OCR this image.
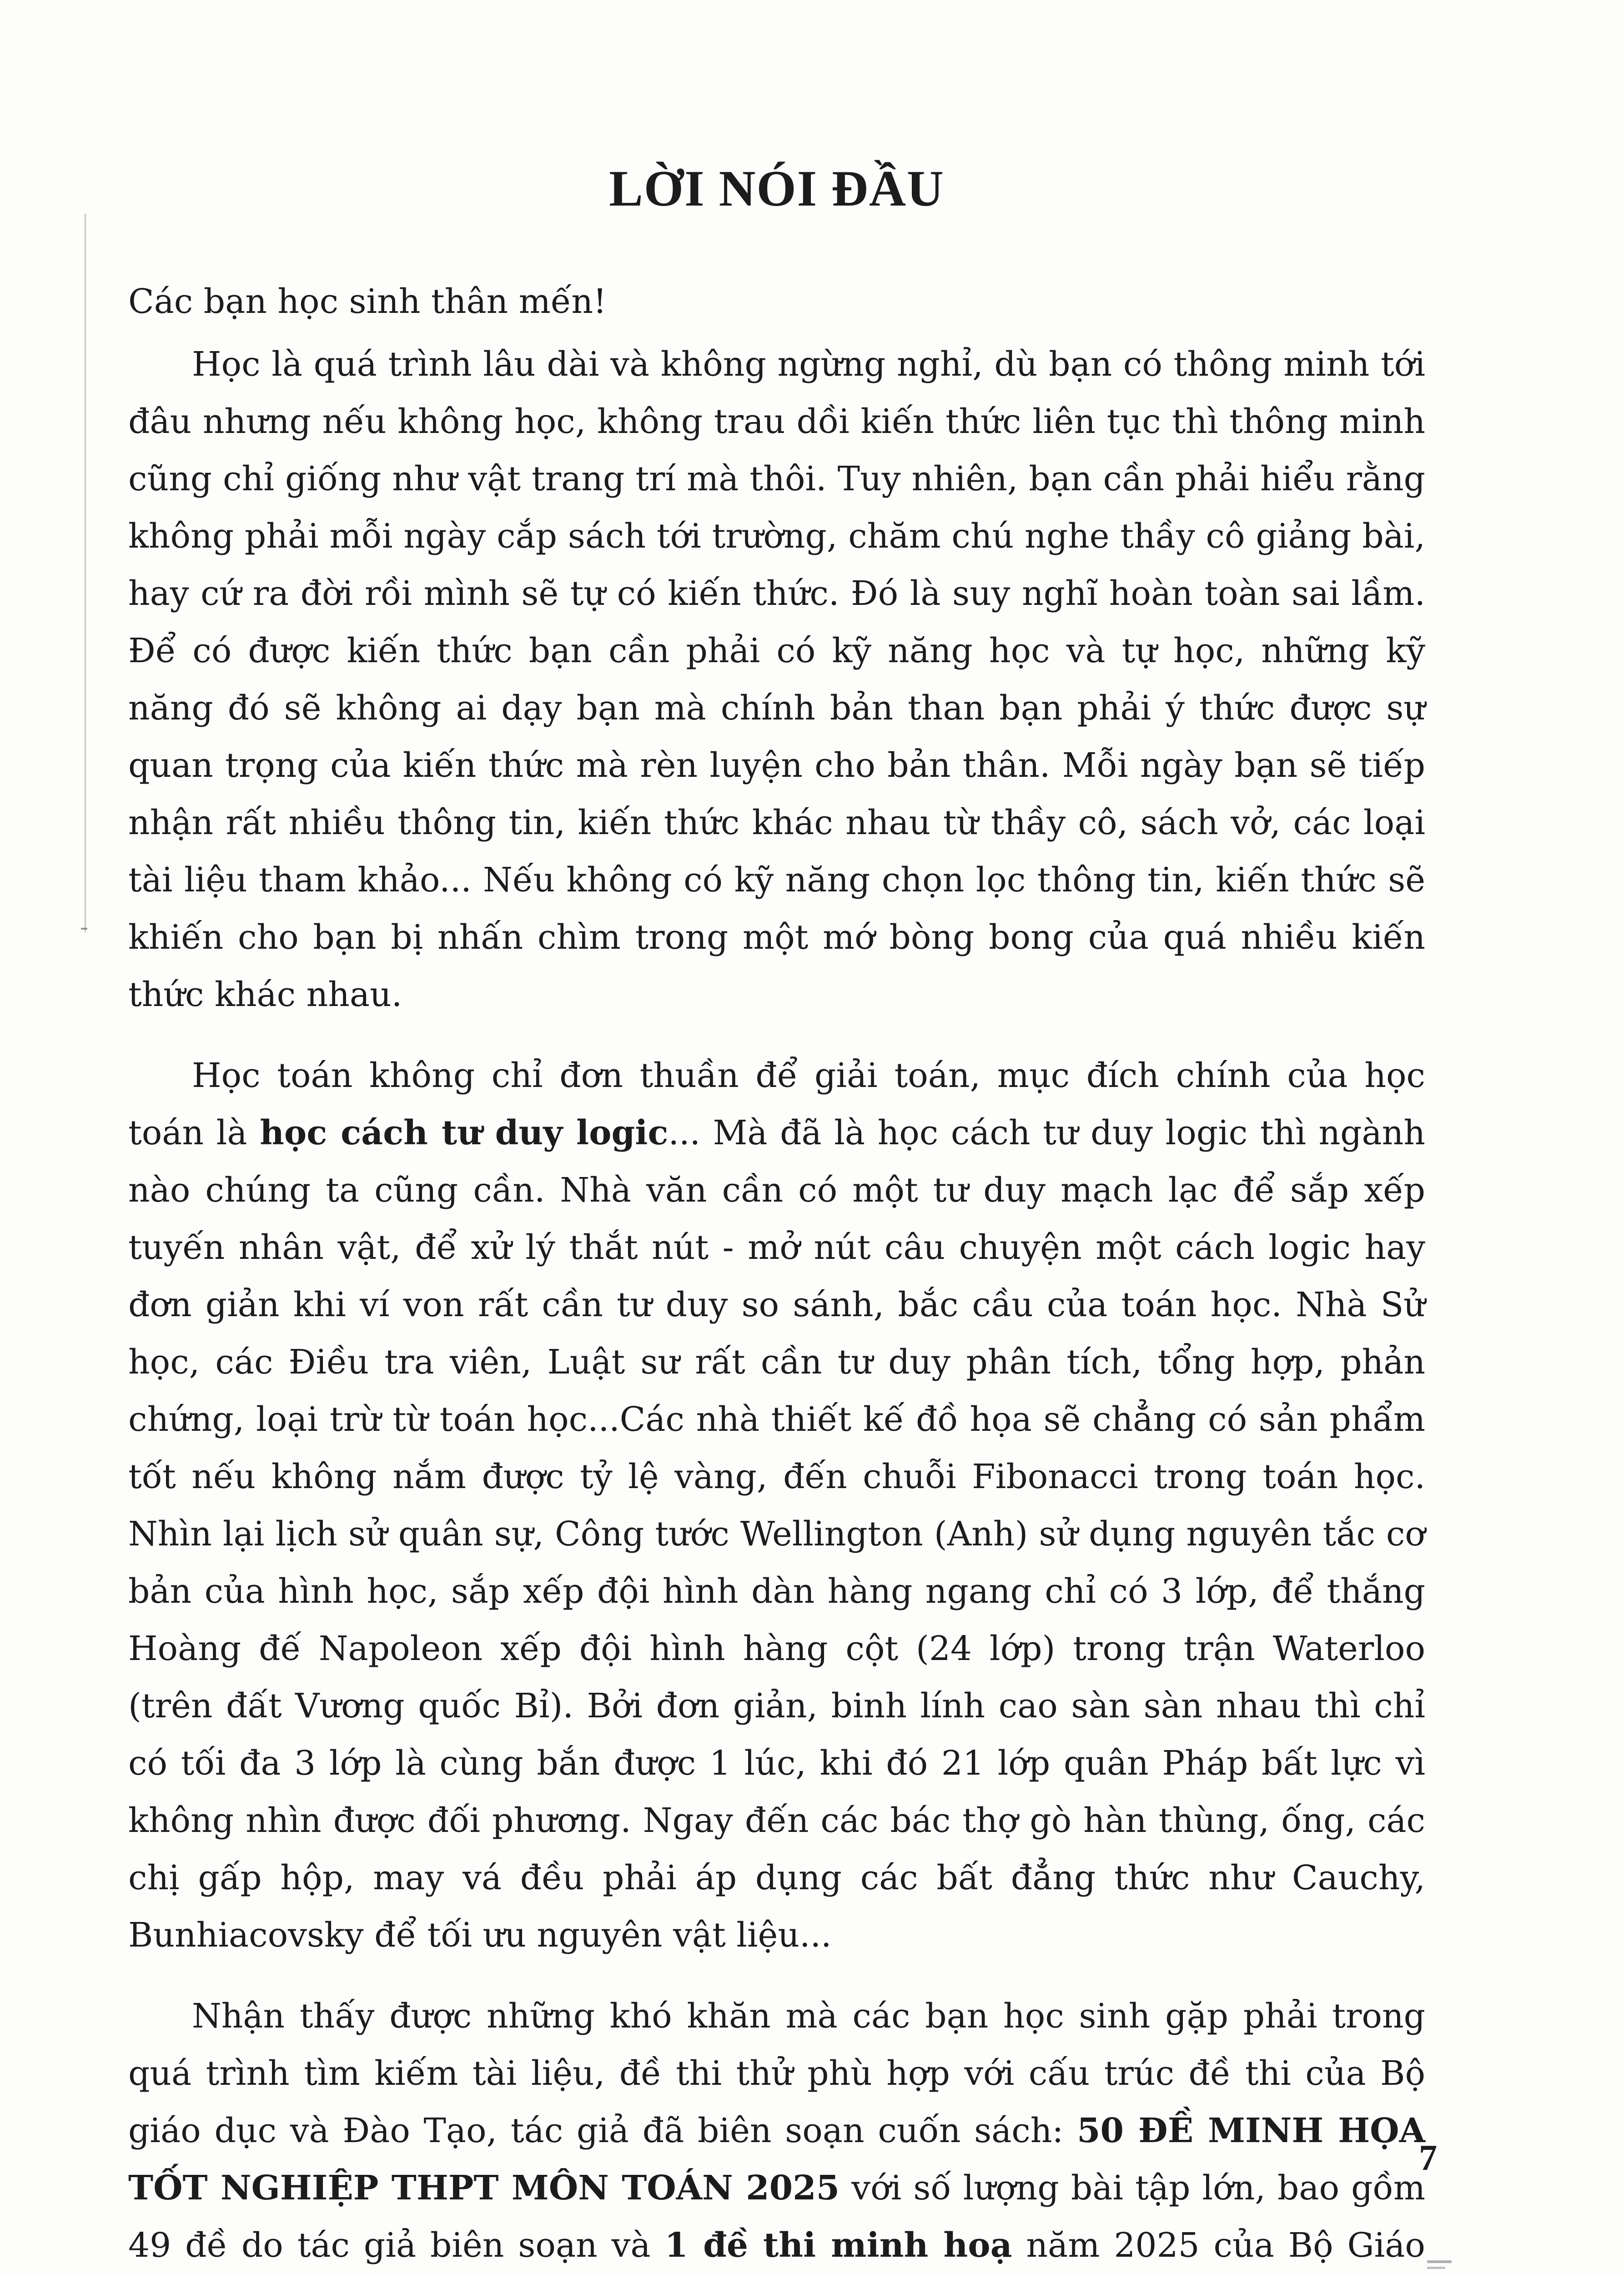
LỜI NÓI ĐẦU

Các bạn học sinh thân mến!

Học là quá trình lâu dài và không ngừng nghỉ, dù bạn có thông minh tới đâu nhưng nếu không học, không trau dồi kiến thức liên tục thì thông minh cũng chỉ giống như vật trang trí mà thôi. Tuy nhiên, bạn cần phải hiểu rằng không phải mỗi ngày cắp sách tới trường, chăm chú nghe thầy cô giảng bài, hay cứ ra đời rồi mình sẽ tự có kiến thức. Đó là suy nghĩ hoàn toàn sai lầm. Để có được kiến thức bạn cần phải có kỹ năng học và tự học, những kỹ năng đó sẽ không ai dạy bạn mà chính bản than bạn phải ý thức được sự quan trọng của kiến thức mà rèn luyện cho bản thân. Mỗi ngày bạn sẽ tiếp nhận rất nhiều thông tin, kiến thức khác nhau từ thầy cô, sách vở, các loại tài liệu tham khảo... Nếu không có kỹ năng chọn lọc thông tin, kiến thức sẽ khiến cho bạn bị nhấn chìm trong một mớ bòng bong của quá nhiều kiến thức khác nhau.

Học toán không chỉ đơn thuần để giải toán, mục đích chính của học toán là học cách tư duy logic... Mà đã là học cách tư duy logic thì ngành nào chúng ta cũng cần. Nhà văn cần có một tư duy mạch lạc để sắp xếp tuyến nhân vật, để xử lý thắt nút - mở nút câu chuyện một cách logic hay đơn giản khi ví von rất cần tư duy so sánh, bắc cầu của toán học. Nhà Sử học, các Điều tra viên, Luật sư rất cần tư duy phân tích, tổng hợp, phản chứng, loại trừ từ toán học...Các nhà thiết kế đồ họa sẽ chẳng có sản phẩm tốt nếu không nắm được tỷ lệ vàng, đến chuỗi Fibonacci trong toán học. Nhìn lại lịch sử quân sự, Công tước Wellington (Anh) sử dụng nguyên tắc cơ bản của hình học, sắp xếp đội hình dàn hàng ngang chỉ có 3 lớp, để thắng Hoàng đế Napoleon xếp đội hình hàng cột (24 lớp) trong trận Waterloo (trên đất Vương quốc Bỉ). Bởi đơn giản, binh lính cao sàn sàn nhau thì chỉ có tối đa 3 lớp là cùng bắn được 1 lúc, khi đó 21 lớp quân Pháp bất lực vì không nhìn được đối phương. Ngay đến các bác thợ gò hàn thùng, ống, các chị gấp hộp, may vá đều phải áp dụng các bất đẳng thức như Cauchy, Bunhiacovsky để tối ưu nguyên vật liệu...

Nhận thấy được những khó khăn mà các bạn học sinh gặp phải trong quá trình tìm kiếm tài liệu, đề thi thử phù hợp với cấu trúc đề thi của Bộ giáo dục và Đào Tạo, tác giả đã biên soạn cuốn sách: 50 ĐỀ MINH HỌA TỐT NGHIỆP THPT MÔN TOÁN 2025 với số lượng bài tập lớn, bao gồm 49 đề do tác giả biên soạn và 1 đề thi minh hoạ năm 2025 của Bộ Giáo

7
